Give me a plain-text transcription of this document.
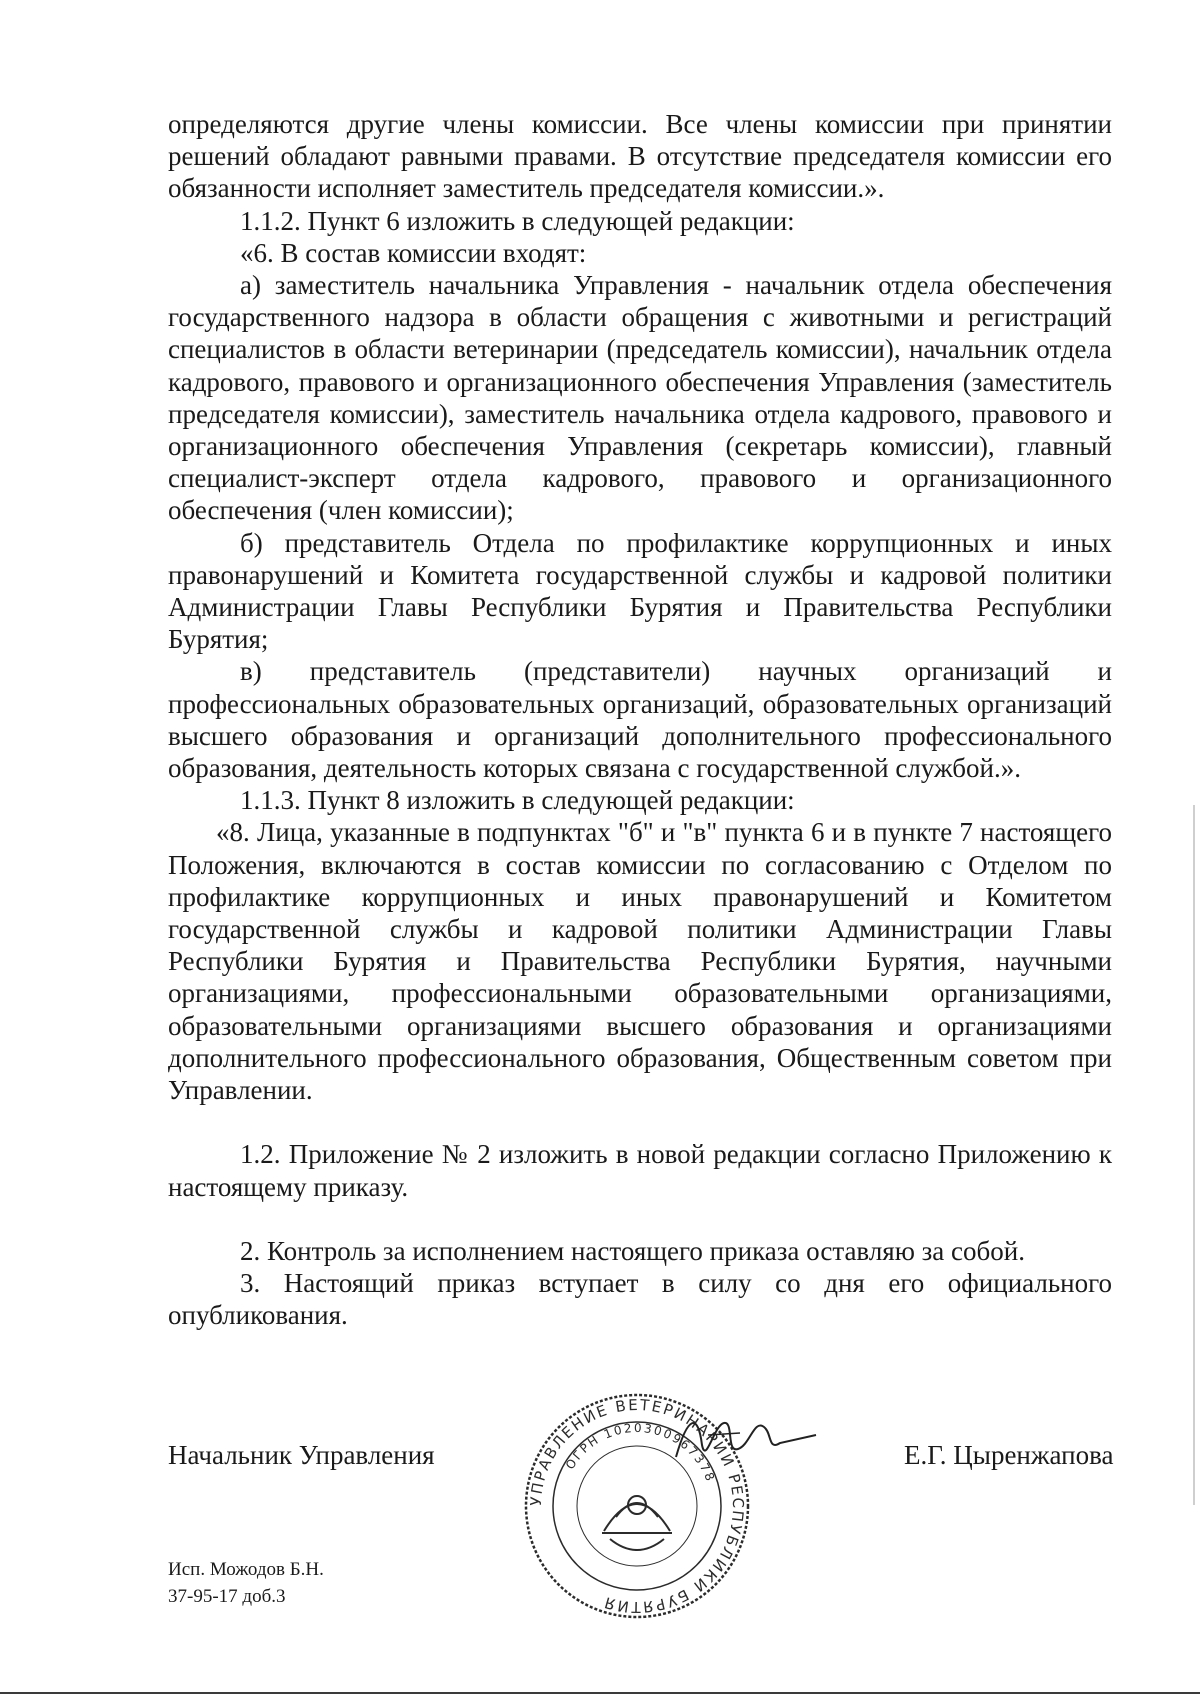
определяются другие члены комиссии. Все члены комиссии при принятии решений обладают равными правами. В отсутствие председателя комиссии его обязанности исполняет заместитель председателя комиссии.».

1.1.2. Пункт 6 изложить в следующей редакции:

«6. В состав комиссии входят:

а) заместитель начальника Управления - начальник отдела обеспечения государственного надзора в области обращения с животными и регистраций специалистов в области ветеринарии (председатель комиссии), начальник отдела кадрового, правового и организационного обеспечения Управления (заместитель председателя комиссии), заместитель начальника отдела кадрового, правового и организационного обеспечения Управления (секретарь комиссии), главный специалист-эксперт отдела кадрового, правового и организационного обеспечения (член комиссии);

б) представитель Отдела по профилактике коррупционных и иных правонарушений и Комитета государственной службы и кадровой политики Администрации Главы Республики Бурятия и Правительства Республики Бурятия;

в) представитель (представители) научных организаций и профессиональных образовательных организаций, образовательных организаций высшего образования и организаций дополнительного профессионального образования, деятельность которых связана с государственной службой.».

1.1.3. Пункт 8 изложить в следующей редакции:

«8. Лица, указанные в подпунктах "б" и "в" пункта 6 и в пункте 7 настоящего Положения, включаются в состав комиссии по согласованию с Отделом по профилактике коррупционных и иных правонарушений и Комитетом государственной службы и кадровой политики Администрации Главы Республики Бурятия и Правительства Республики Бурятия, научными организациями, профессиональными образовательными организациями, образовательными организациями высшего образования и организациями дополнительного профессионального образования, Общественным советом при Управлении.

1.2. Приложение № 2 изложить в новой редакции согласно Приложению к настоящему приказу.

2. Контроль за исполнением настоящего приказа оставляю за собой.

3. Настоящий приказ вступает в силу со дня его официального опубликования.

Начальник Управления	Е.Г. Цыренжапова
Исп. Можодов Б.Н.
37-95-17 доб.3
УПРАВЛЕНИЕ ВЕТЕРИНАРИИ РЕСПУБЛИКИ БУРЯТИЯ
ОГРН 1020300967378
